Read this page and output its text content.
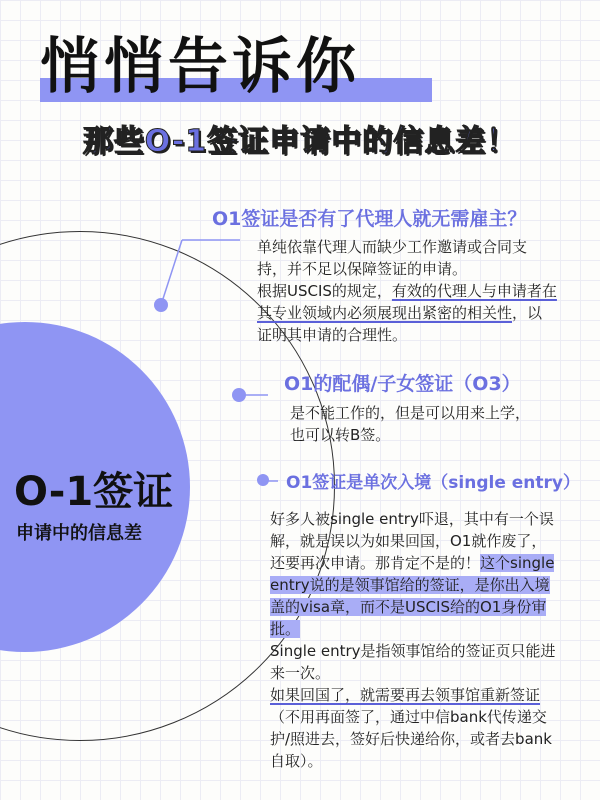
悄悄告诉你
那些O-1签证申请中的信息差！
O-1签证
申请中的信息差
O1签证是否有了代理人就无需雇主？
单纯依靠代理人而缺少工作邀请或合同支
持，并不足以保障签证的申请。
根据USCIS的规定，有效的代理人与申请者在
其专业领域内必须展现出紧密的相关性，以
证明其申请的合理性。
O1的配偶/子女签证（O3）
是不能工作的，但是可以用来上学，
也可以转B签。
O1签证是单次入境（single entry）
好多人被single entry吓退，其中有一个误
解，就是误以为如果回国，O1就作废了，
还要再次申请。那肯定不是的！这个single
entry说的是领事馆给的签证，是你出入境
盖的visa章，而不是USCIS给的O1身份审
批。
Single entry是指领事馆给的签证页只能进
来一次。
如果回国了，就需要再去领事馆重新签证
（不用再面签了，通过中信bank代传递交
护/照进去，签好后快递给你，或者去bank
自取）。
